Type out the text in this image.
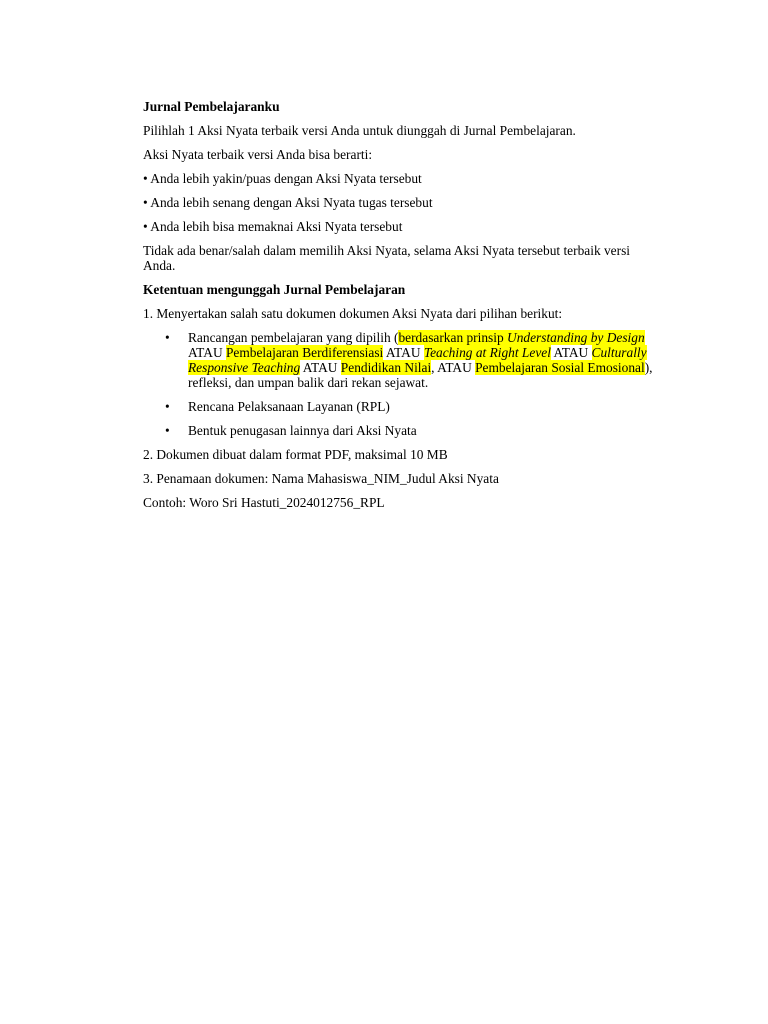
Jurnal Pembelajaranku

Pilihlah 1 Aksi Nyata terbaik versi Anda untuk diunggah di Jurnal Pembelajaran.

Aksi Nyata terbaik versi Anda bisa berarti:

• Anda lebih yakin/puas dengan Aksi Nyata tersebut

• Anda lebih senang dengan Aksi Nyata tugas tersebut

• Anda lebih bisa memaknai Aksi Nyata tersebut

Tidak ada benar/salah dalam memilih Aksi Nyata, selama Aksi Nyata tersebut terbaik versi Anda.

Ketentuan mengunggah Jurnal Pembelajaran

1. Menyertakan salah satu dokumen dokumen Aksi Nyata dari pilihan berikut:

• Rancangan pembelajaran yang dipilih (berdasarkan prinsip Understanding by Design ATAU Pembelajaran Berdiferensiasi ATAU Teaching at Right Level ATAU Culturally Responsive Teaching ATAU Pendidikan Nilai, ATAU Pembelajaran Sosial Emosional), refleksi, dan umpan balik dari rekan sejawat.
• Rencana Pelaksanaan Layanan (RPL)
• Bentuk penugasan lainnya dari Aksi Nyata

2. Dokumen dibuat dalam format PDF, maksimal 10 MB

3. Penamaan dokumen: Nama Mahasiswa_NIM_Judul Aksi Nyata

Contoh: Woro Sri Hastuti_2024012756_RPL
